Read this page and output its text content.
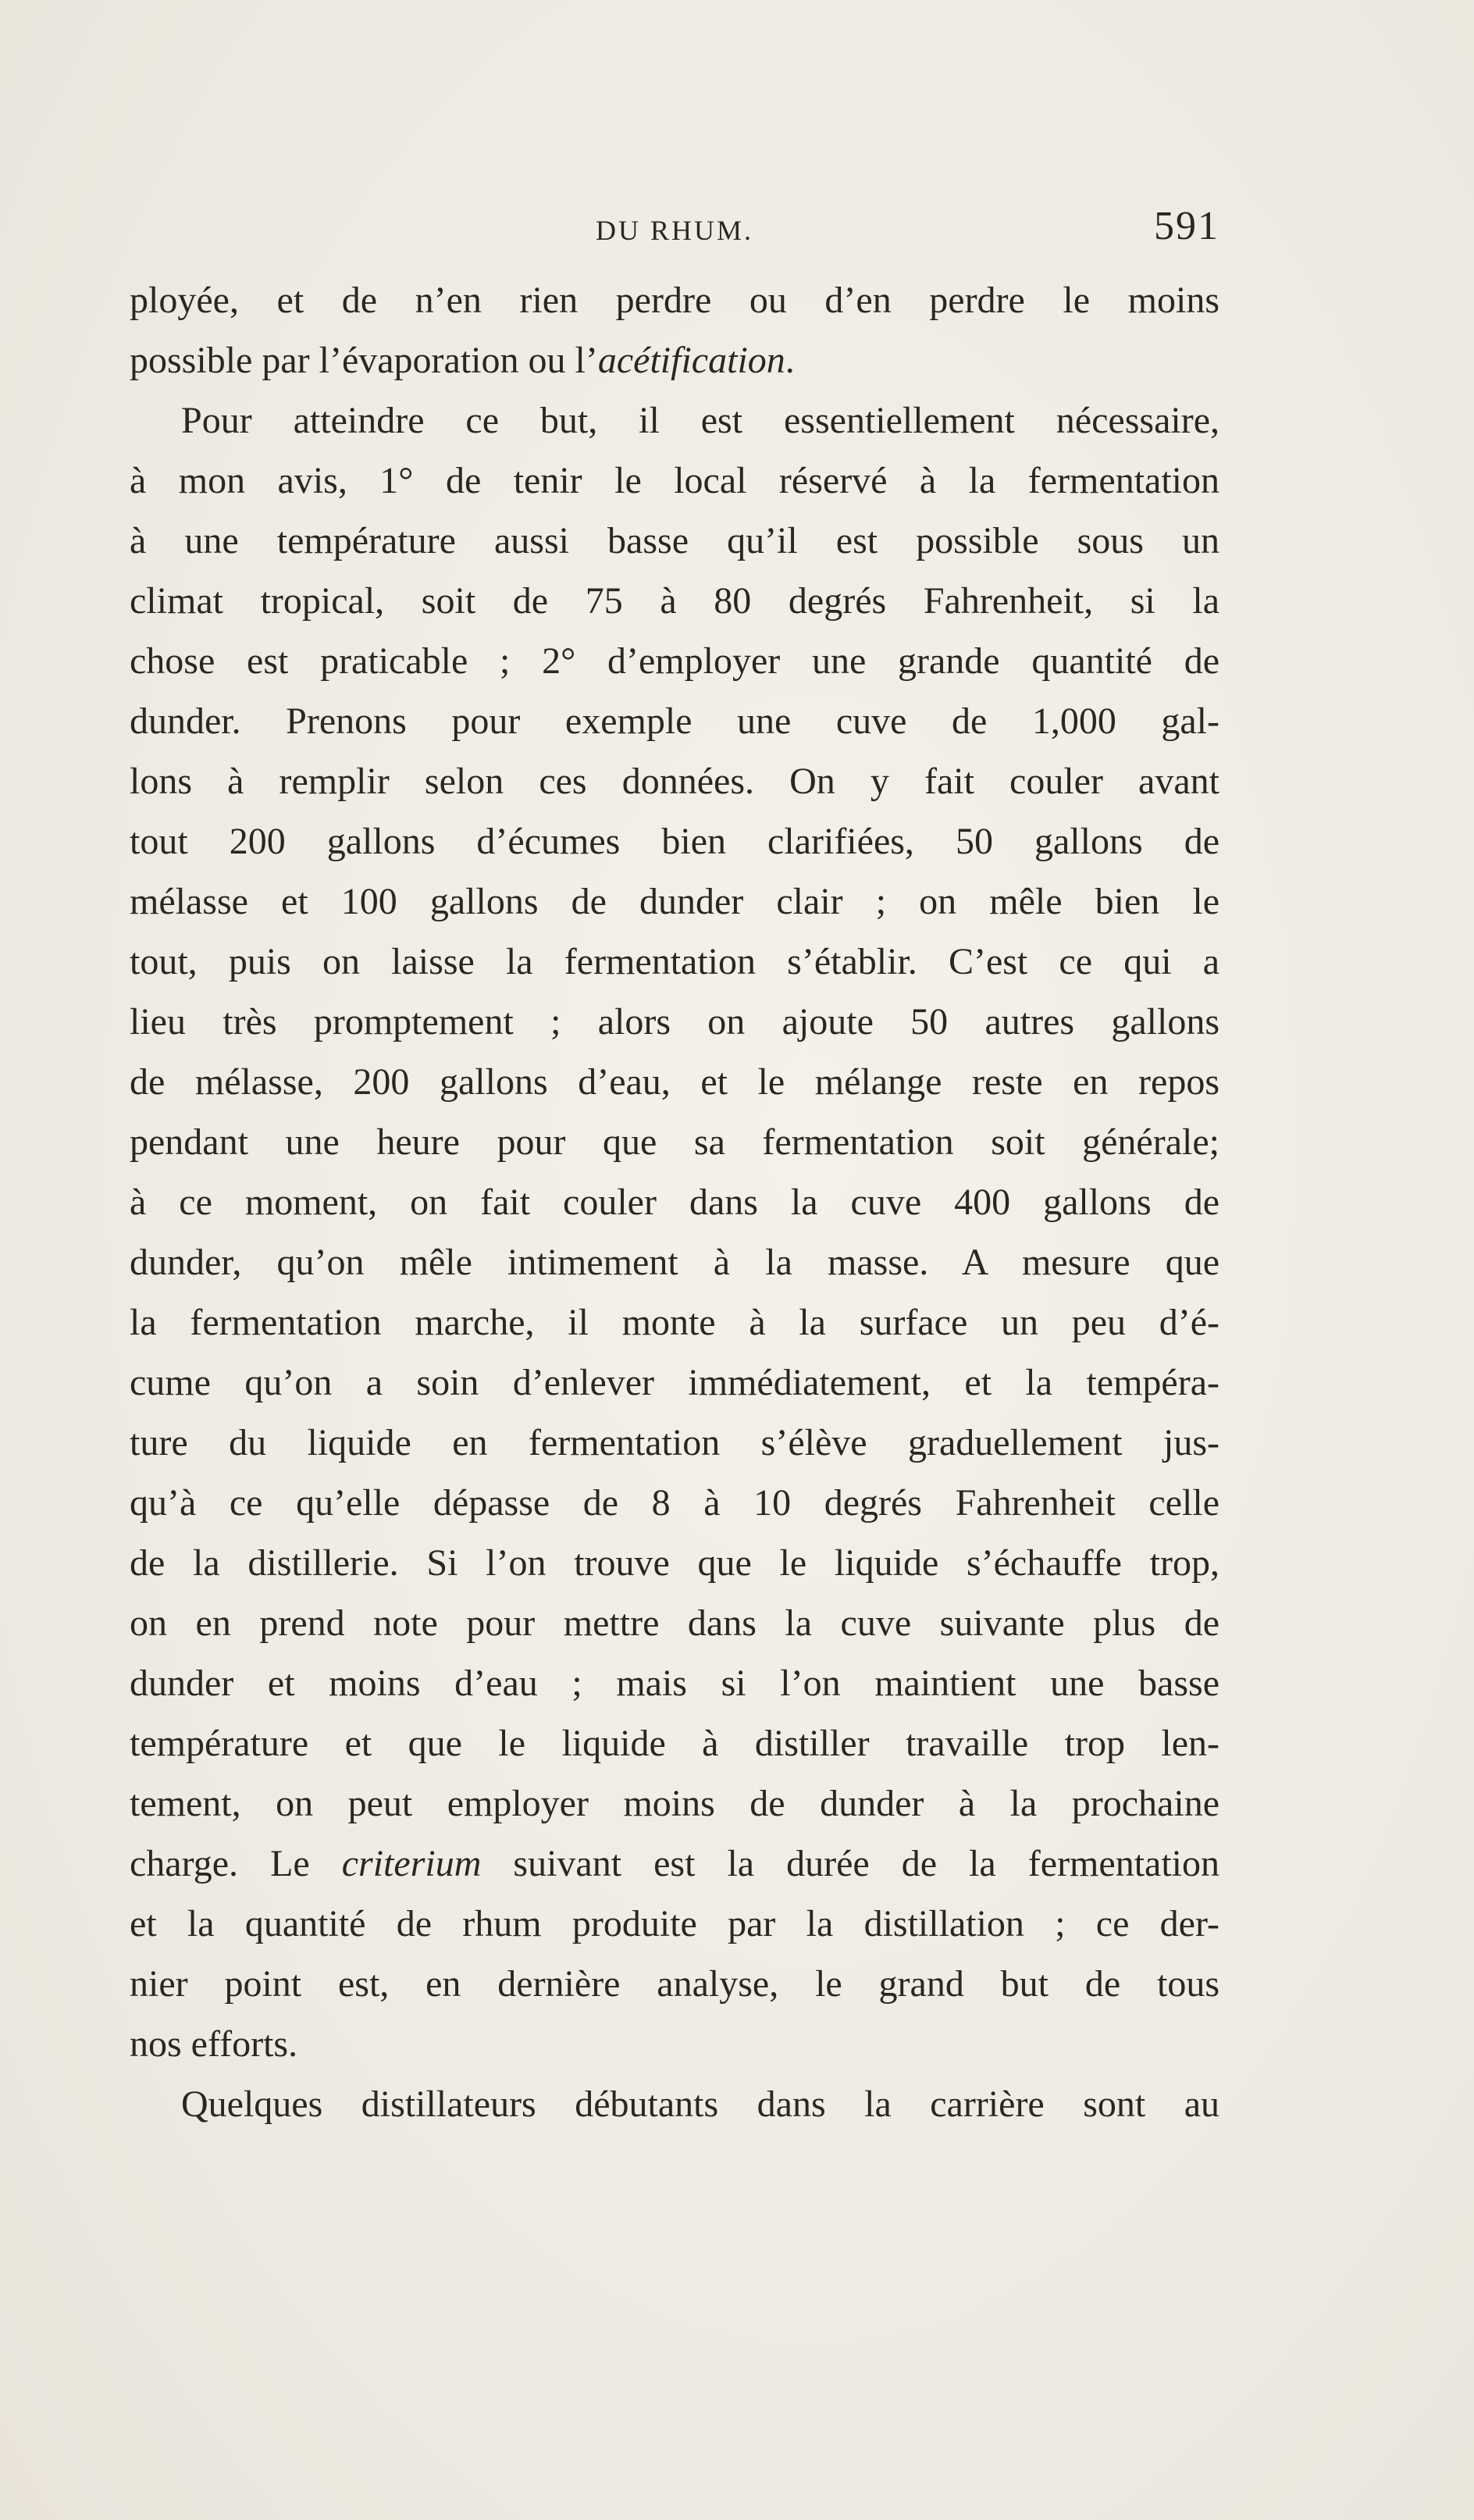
DU RHUM.	591
ployée, et de n’en rien perdre ou d’en perdre le moins
possible par l’évaporation ou l’acétification.
Pour atteindre ce but, il est essentiellement nécessaire,
à mon avis, 1° de tenir le local réservé à la fermentation
à une température aussi basse qu’il est possible sous un
climat tropical, soit de 75 à 80 degrés Fahrenheit, si la
chose est praticable ; 2° d’employer une grande quantité de
dunder. Prenons pour exemple une cuve de 1,000 gal-
lons à remplir selon ces données. On y fait couler avant
tout 200 gallons d’écumes bien clarifiées, 50 gallons de
mélasse et 100 gallons de dunder clair ; on mêle bien le
tout, puis on laisse la fermentation s’établir. C’est ce qui a
lieu très promptement ; alors on ajoute 50 autres gallons
de mélasse, 200 gallons d’eau, et le mélange reste en repos
pendant une heure pour que sa fermentation soit générale;
à ce moment, on fait couler dans la cuve 400 gallons de
dunder, qu’on mêle intimement à la masse. A mesure que
la fermentation marche, il monte à la surface un peu d’é-
cume qu’on a soin d’enlever immédiatement, et la tempéra-
ture du liquide en fermentation s’élève graduellement jus-
qu’à ce qu’elle dépasse de 8 à 10 degrés Fahrenheit celle
de la distillerie. Si l’on trouve que le liquide s’échauffe trop,
on en prend note pour mettre dans la cuve suivante plus de
dunder et moins d’eau ; mais si l’on maintient une basse
température et que le liquide à distiller travaille trop len-
tement, on peut employer moins de dunder à la prochaine
charge. Le criterium suivant est la durée de la fermentation
et la quantité de rhum produite par la distillation ; ce der-
nier point est, en dernière analyse, le grand but de tous
nos efforts.
Quelques distillateurs débutants dans la carrière sont au
